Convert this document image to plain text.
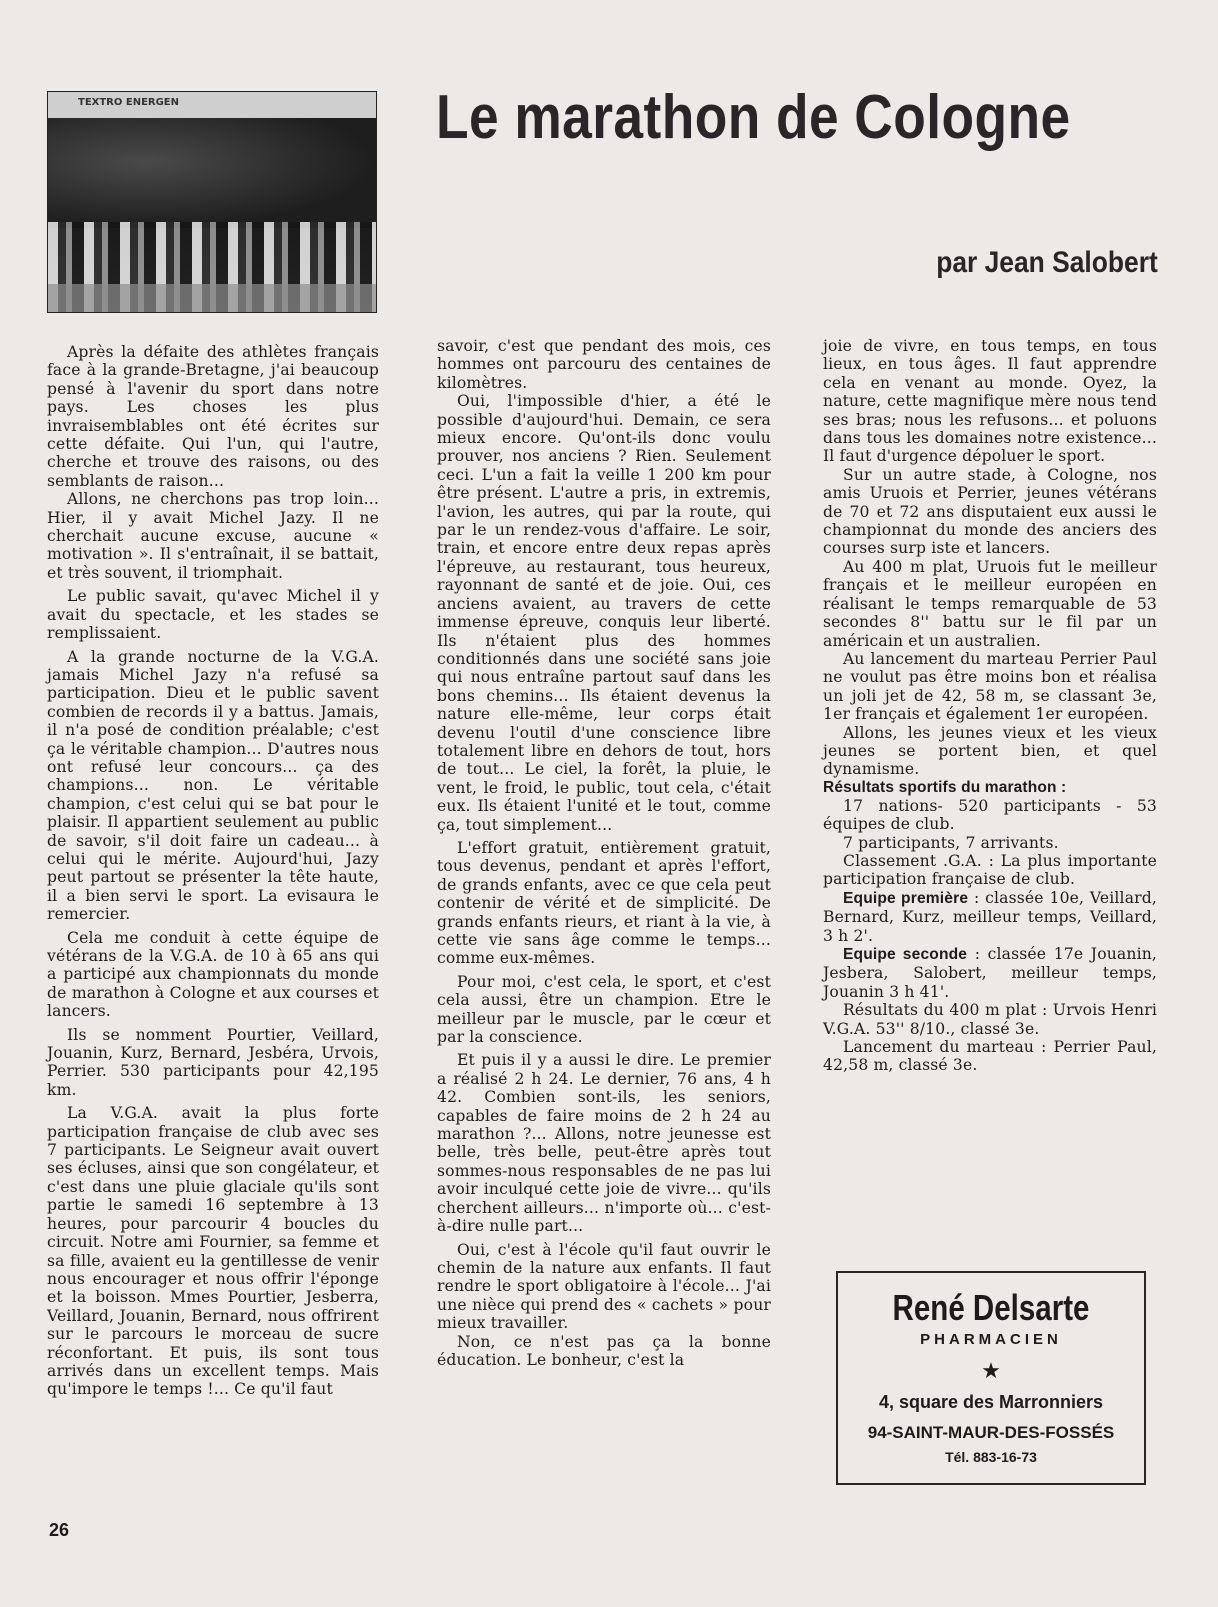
TEXTRO ENERGEN	Le marathon de Cologne
par Jean Salobert

Après la défaite des athlètes français face à la grande-Bretagne, j'ai beaucoup pensé à l'avenir du sport dans notre pays. Les choses les plus invraisemblables ont été écrites sur cette défaite. Qui l'un, qui l'autre, cherche et trouve des raisons, ou des semblants de raison...

Allons, ne cherchons pas trop loin... Hier, il y avait Michel Jazy. Il ne cherchait aucune excuse, aucune « motivation ». Il s'entraînait, il se battait, et très souvent, il triomphait.

Le public savait, qu'avec Michel il y avait du spectacle, et les stades se remplissaient.

A la grande nocturne de la V.G.A. jamais Michel Jazy n'a refusé sa participation. Dieu et le public savent combien de records il y a battus. Jamais, il n'a posé de condition préalable; c'est ça le véritable champion... D'autres nous ont refusé leur concours... ça des champions... non. Le véritable champion, c'est celui qui se bat pour le plaisir. Il appartient seulement au public de savoir, s'il doit faire un cadeau... à celui qui le mérite. Aujourd'hui, Jazy peut partout se présenter la tête haute, il a bien servi le sport. La evisaura le remercier.

Cela me conduit à cette équipe de vétérans de la V.G.A. de 10 à 65 ans qui a participé aux championnats du monde de marathon à Cologne et aux courses et lancers.

Ils se nomment Pourtier, Veillard, Jouanin, Kurz, Bernard, Jesbéra, Urvois, Perrier. 530 participants pour 42,195 km.

La V.G.A. avait la plus forte participation française de club avec ses 7 participants. Le Seigneur avait ouvert ses écluses, ainsi que son congélateur, et c'est dans une pluie glaciale qu'ils sont partie le samedi 16 septembre à 13 heures, pour parcourir 4 boucles du circuit. Notre ami Fournier, sa femme et sa fille, avaient eu la gentillesse de venir nous encourager et nous offrir l'éponge et la boisson. Mmes Pourtier, Jesberra, Veillard, Jouanin, Bernard, nous offrirent sur le parcours le morceau de sucre réconfortant. Et puis, ils sont tous arrivés dans un excellent temps. Mais qu'impore le temps !... Ce qu'il faut

savoir, c'est que pendant des mois, ces hommes ont parcouru des centaines de kilomètres.

Oui, l'impossible d'hier, a été le possible d'aujourd'hui. Demain, ce sera mieux encore. Qu'ont-ils donc voulu prouver, nos anciens ? Rien. Seulement ceci. L'un a fait la veille 1 200 km pour être présent. L'autre a pris, in extremis, l'avion, les autres, qui par la route, qui par le un rendez-vous d'affaire. Le soir, train, et encore entre deux repas après l'épreuve, au restaurant, tous heureux, rayonnant de santé et de joie. Oui, ces anciens avaient, au travers de cette immense épreuve, conquis leur liberté. Ils n'étaient plus des hommes conditionnés dans une société sans joie qui nous entraîne partout sauf dans les bons chemins... Ils étaient devenus la nature elle-même, leur corps était devenu l'outil d'une conscience libre totalement libre en dehors de tout, hors de tout... Le ciel, la forêt, la pluie, le vent, le froid, le public, tout cela, c'était eux. Ils étaient l'unité et le tout, comme ça, tout simplement...

L'effort gratuit, entièrement gratuit, tous devenus, pendant et après l'effort, de grands enfants, avec ce que cela peut contenir de vérité et de simplicité. De grands enfants rieurs, et riant à la vie, à cette vie sans âge comme le temps... comme eux-mêmes.

Pour moi, c'est cela, le sport, et c'est cela aussi, être un champion. Etre le meilleur par le muscle, par le cœur et par la conscience.

Et puis il y a aussi le dire. Le premier a réalisé 2 h 24. Le dernier, 76 ans, 4 h 42. Combien sont-ils, les seniors, capables de faire moins de 2 h 24 au marathon ?... Allons, notre jeunesse est belle, très belle, peut-être après tout sommes-nous responsables de ne pas lui avoir inculqué cette joie de vivre... qu'ils cherchent ailleurs... n'importe où... c'est-à-dire nulle part...

Oui, c'est à l'école qu'il faut ouvrir le chemin de la nature aux enfants. Il faut rendre le sport obligatoire à l'école... J'ai une nièce qui prend des « cachets » pour mieux travailler.

Non, ce n'est pas ça la bonne éducation. Le bonheur, c'est la

joie de vivre, en tous temps, en tous lieux, en tous âges. Il faut apprendre cela en venant au monde. Oyez, la nature, cette magnifique mère nous tend ses bras; nous les refusons... et poluons dans tous les domaines notre existence... Il faut d'urgence dépoluer le sport.

Sur un autre stade, à Cologne, nos amis Uruois et Perrier, jeunes vétérans de 70 et 72 ans disputaient eux aussi le championnat du monde des anciers des courses surp iste et lancers.

Au 400 m plat, Uruois fut le meilleur français et le meilleur européen en réalisant le temps remarquable de 53 secondes 8'' battu sur le fil par un américain et un australien.

Au lancement du marteau Perrier Paul ne voulut pas être moins bon et réalisa un joli jet de 42, 58 m, se classant 3e, 1er français et également 1er européen.

Allons, les jeunes vieux et les vieux jeunes se portent bien, et quel dynamisme.

Résultats sportifs du marathon :

17 nations- 520 participants - 53 équipes de club.

7 participants, 7 arrivants.

Classement .G.A. : La plus importante participation française de club.

Equipe première : classée 10e, Veillard, Bernard, Kurz, meilleur temps, Veillard, 3 h 2'.

Equipe seconde : classée 17e Jouanin, Jesbera, Salobert, meilleur temps, Jouanin 3 h 41'.

Résultats du 400 m plat : Urvois Henri V.G.A. 53'' 8/10., classé 3e.

Lancement du marteau : Perrier Paul, 42,58 m, classé 3e.

René Delsarte
PHARMACIEN
★
4, square des Marronniers
94-SAINT-MAUR-DES-FOSSÉS
Tél. 883-16-73
26
